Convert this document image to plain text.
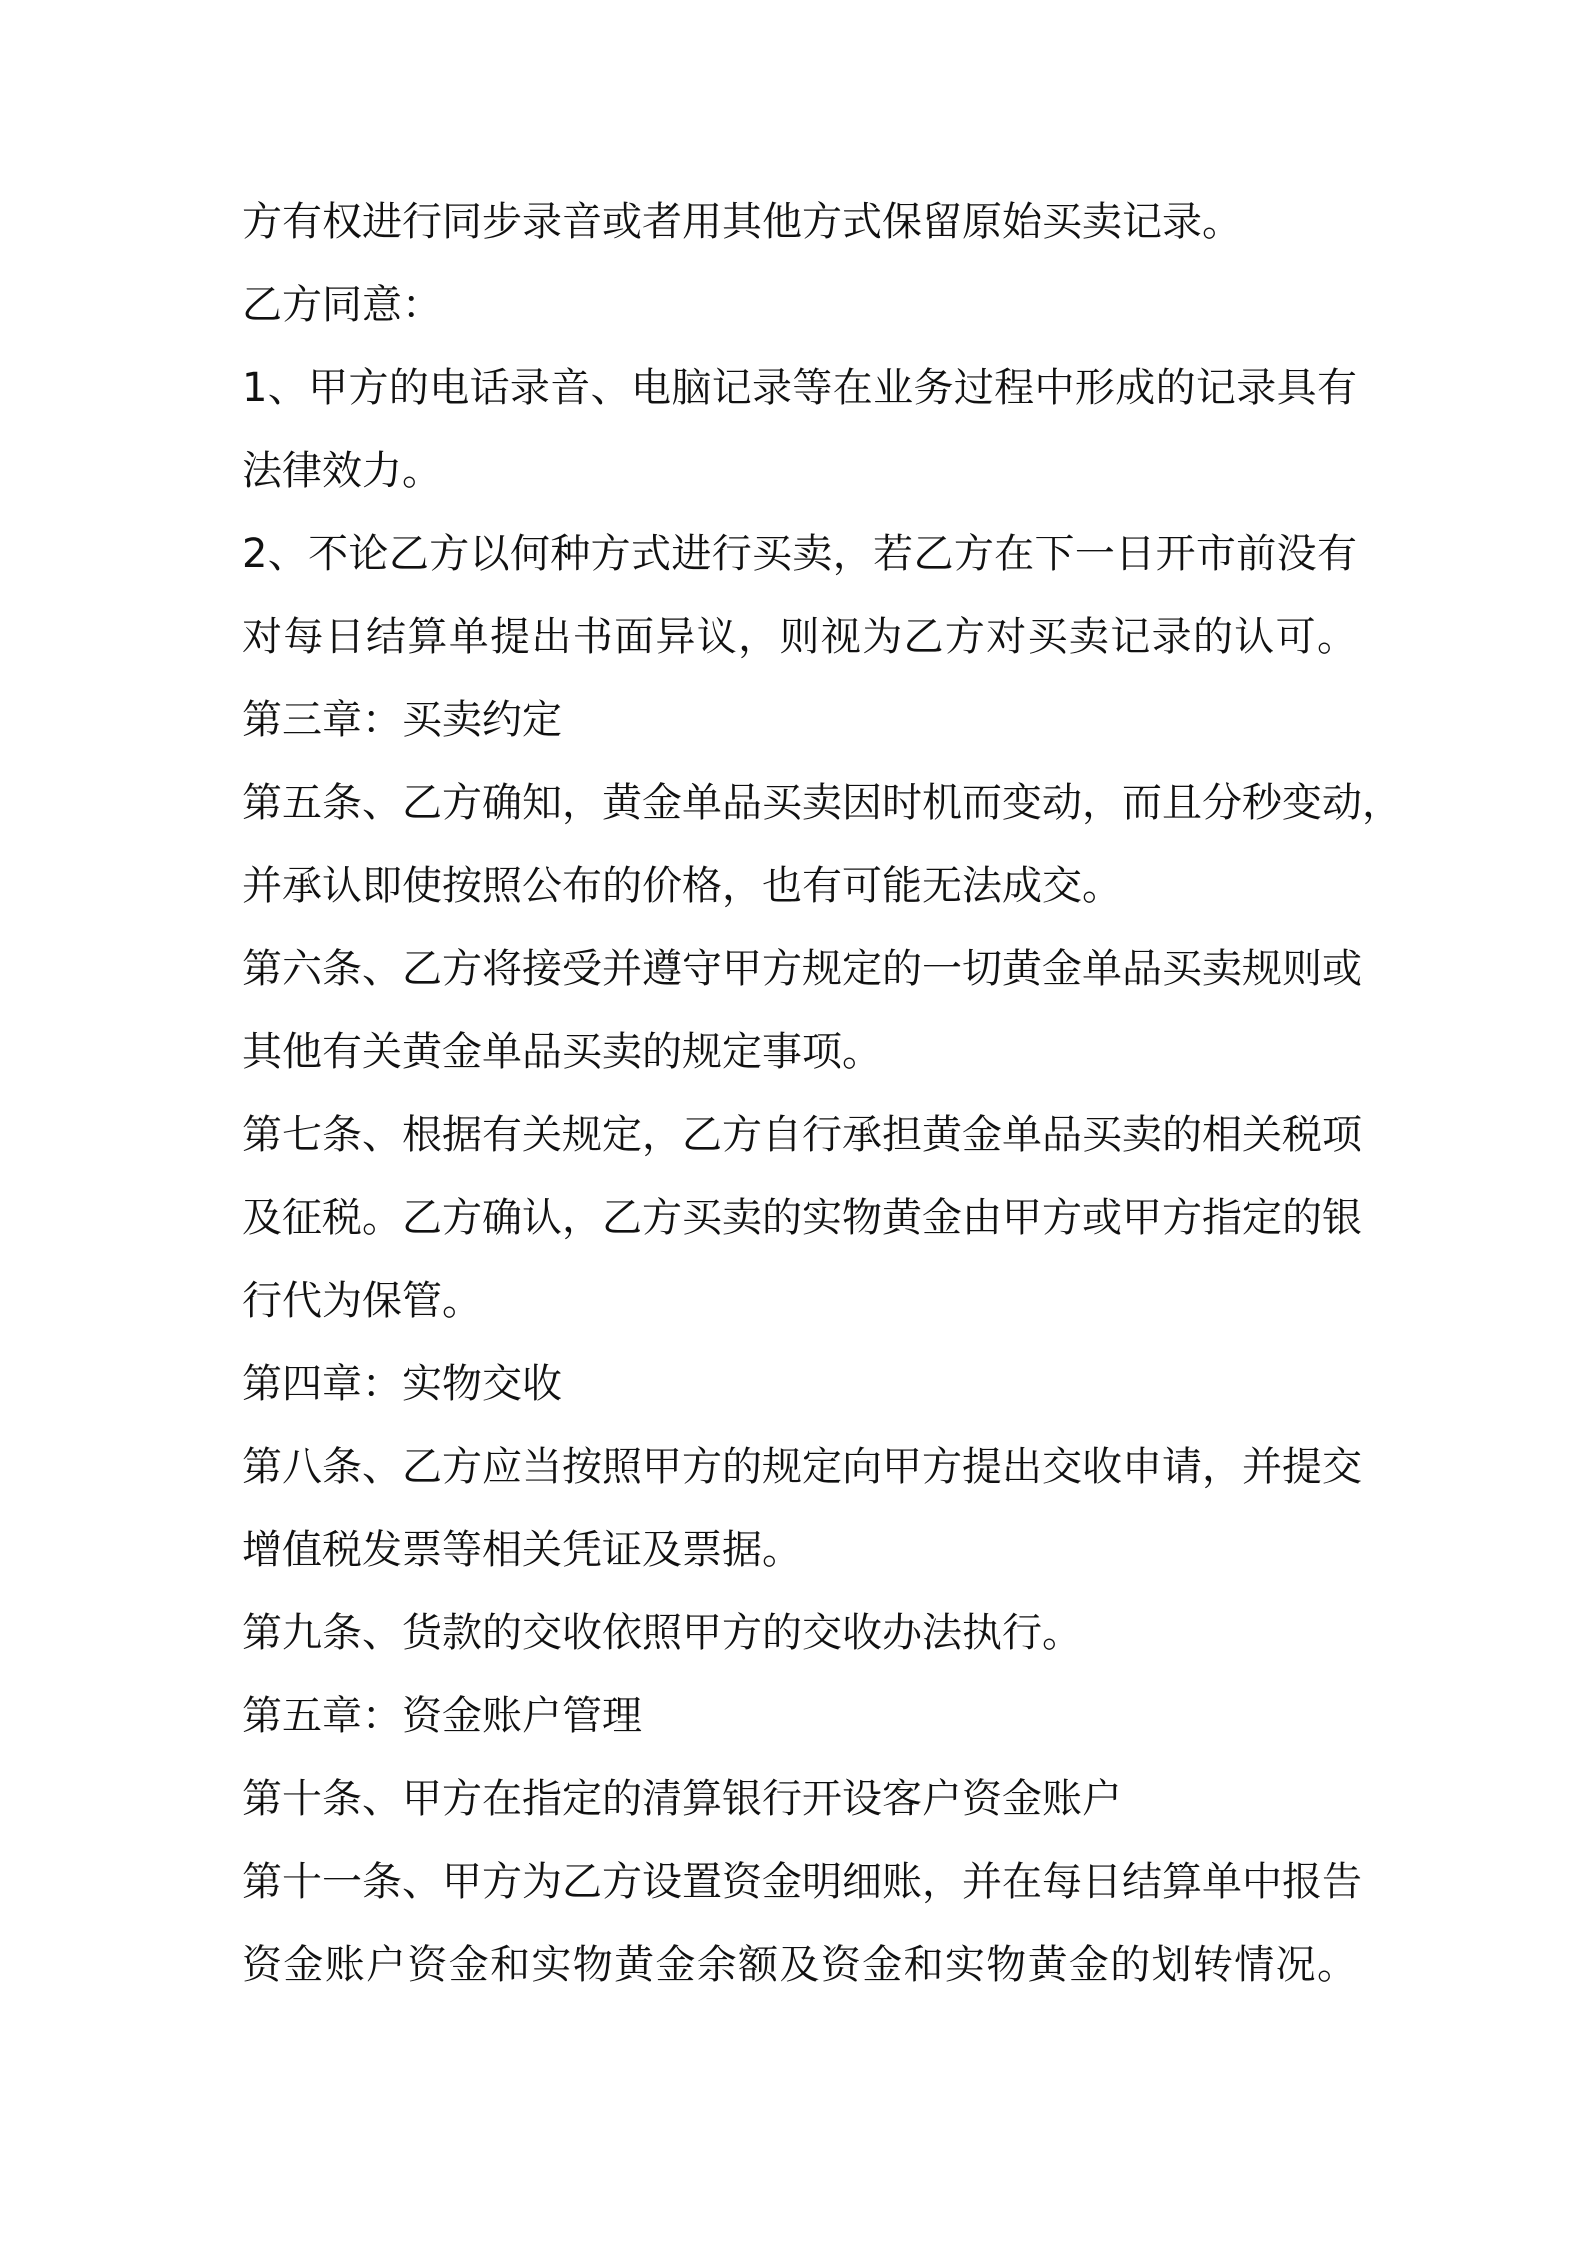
方有权进行同步录音或者用其他方式保留原始买卖记录。
乙方同意：
1、甲方的电话录音、电脑记录等在业务过程中形成的记录具有
法律效力。
2、不论乙方以何种方式进行买卖，若乙方在下一日开市前没有
对每日结算单提出书面异议，则视为乙方对买卖记录的认可。
第三章：买卖约定
第五条、乙方确知，黄金单品买卖因时机而变动，而且分秒变动，
并承认即使按照公布的价格，也有可能无法成交。
第六条、乙方将接受并遵守甲方规定的一切黄金单品买卖规则或
其他有关黄金单品买卖的规定事项。
第七条、根据有关规定，乙方自行承担黄金单品买卖的相关税项
及征税。乙方确认，乙方买卖的实物黄金由甲方或甲方指定的银
行代为保管。
第四章：实物交收
第八条、乙方应当按照甲方的规定向甲方提出交收申请，并提交
增值税发票等相关凭证及票据。
第九条、货款的交收依照甲方的交收办法执行。
第五章：资金账户管理
第十条、甲方在指定的清算银行开设客户资金账户
第十一条、甲方为乙方设置资金明细账，并在每日结算单中报告
资金账户资金和实物黄金余额及资金和实物黄金的划转情况。
